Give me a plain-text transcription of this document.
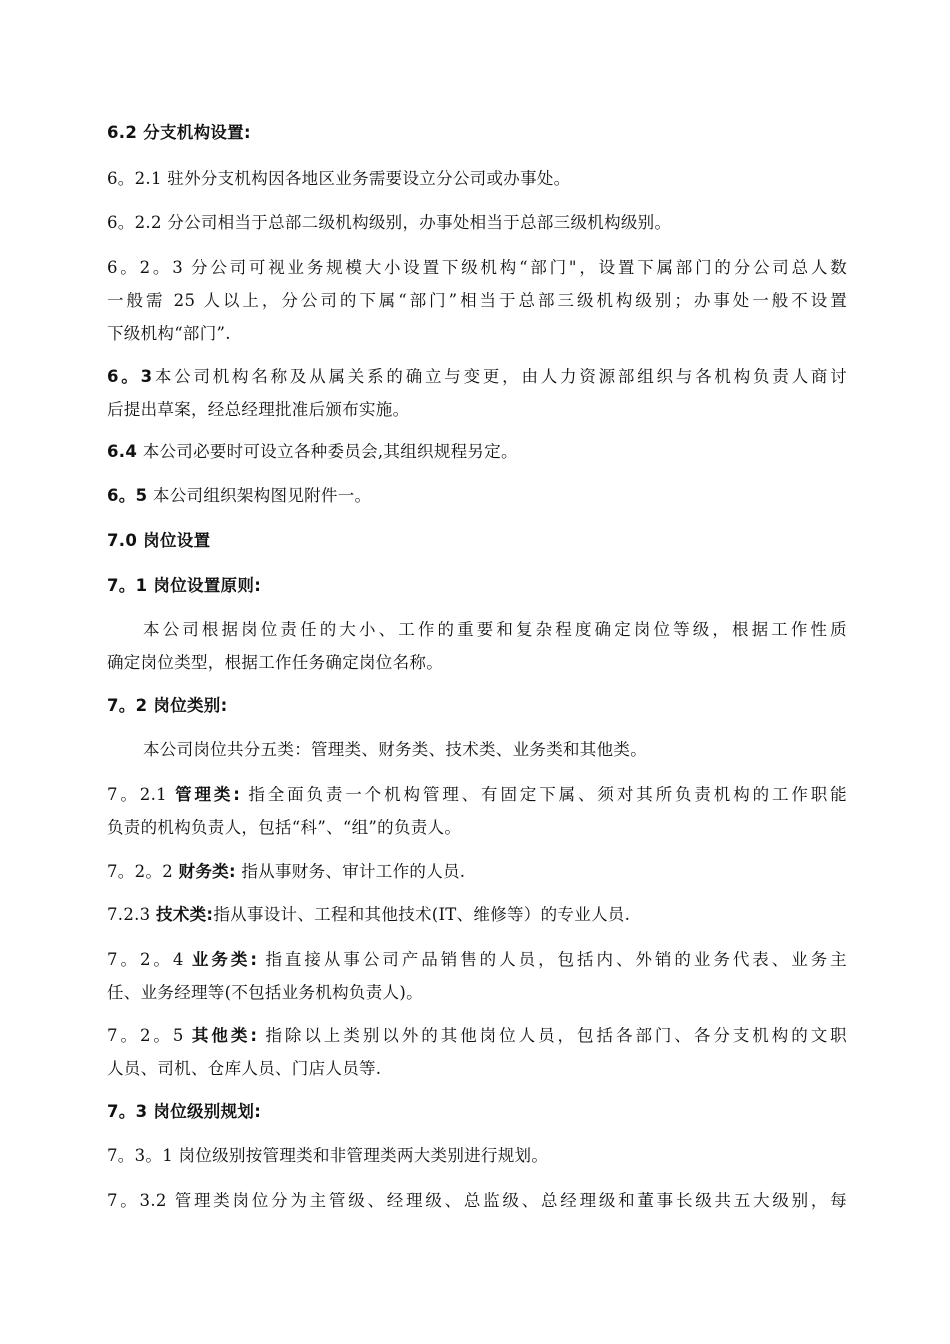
6.2 分支机构设置:
6。2.1 驻外分支机构因各地区业务需要设立分公司或办事处。
6。2.2 分公司相当于总部二级机构级别，办事处相当于总部三级机构级别。
6。2。3 分公司可视业务规模大小设置下级机构“部门"，设置下属部门的分公司总人数
一般需 25 人以上，分公司的下属“部门”相当于总部三级机构级别；办事处一般不设置
下级机构“部门”.
6。3本公司机构名称及从属关系的确立与变更，由人力资源部组织与各机构负责人商讨
后提出草案，经总经理批准后颁布实施。
6.4 本公司必要时可设立各种委员会,其组织规程另定。
6。5 本公司组织架构图见附件一。
7.0 岗位设置
7。1 岗位设置原则:
本公司根据岗位责任的大小、工作的重要和复杂程度确定岗位等级，根据工作性质
确定岗位类型，根据工作任务确定岗位名称。
7。2 岗位类别:
本公司岗位共分五类：管理类、财务类、技术类、业务类和其他类。
7。2.1 管理类: 指全面负责一个机构管理、有固定下属、须对其所负责机构的工作职能
负责的机构负责人，包括“科”、“组”的负责人。
7。2。2 财务类: 指从事财务、审计工作的人员.
7.2.3 技术类:指从事设计、工程和其他技术(IT、维修等）的专业人员.
7。2。4 业务类: 指直接从事公司产品销售的人员，包括内、外销的业务代表、业务主
任、业务经理等(不包括业务机构负责人)。
7。2。5 其他类: 指除以上类别以外的其他岗位人员，包括各部门、各分支机构的文职
人员、司机、仓库人员、门店人员等.
7。3 岗位级别规划:
7。3。1 岗位级别按管理类和非管理类两大类别进行规划。
7。3.2 管理类岗位分为主管级、经理级、总监级、总经理级和董事长级共五大级别，每
